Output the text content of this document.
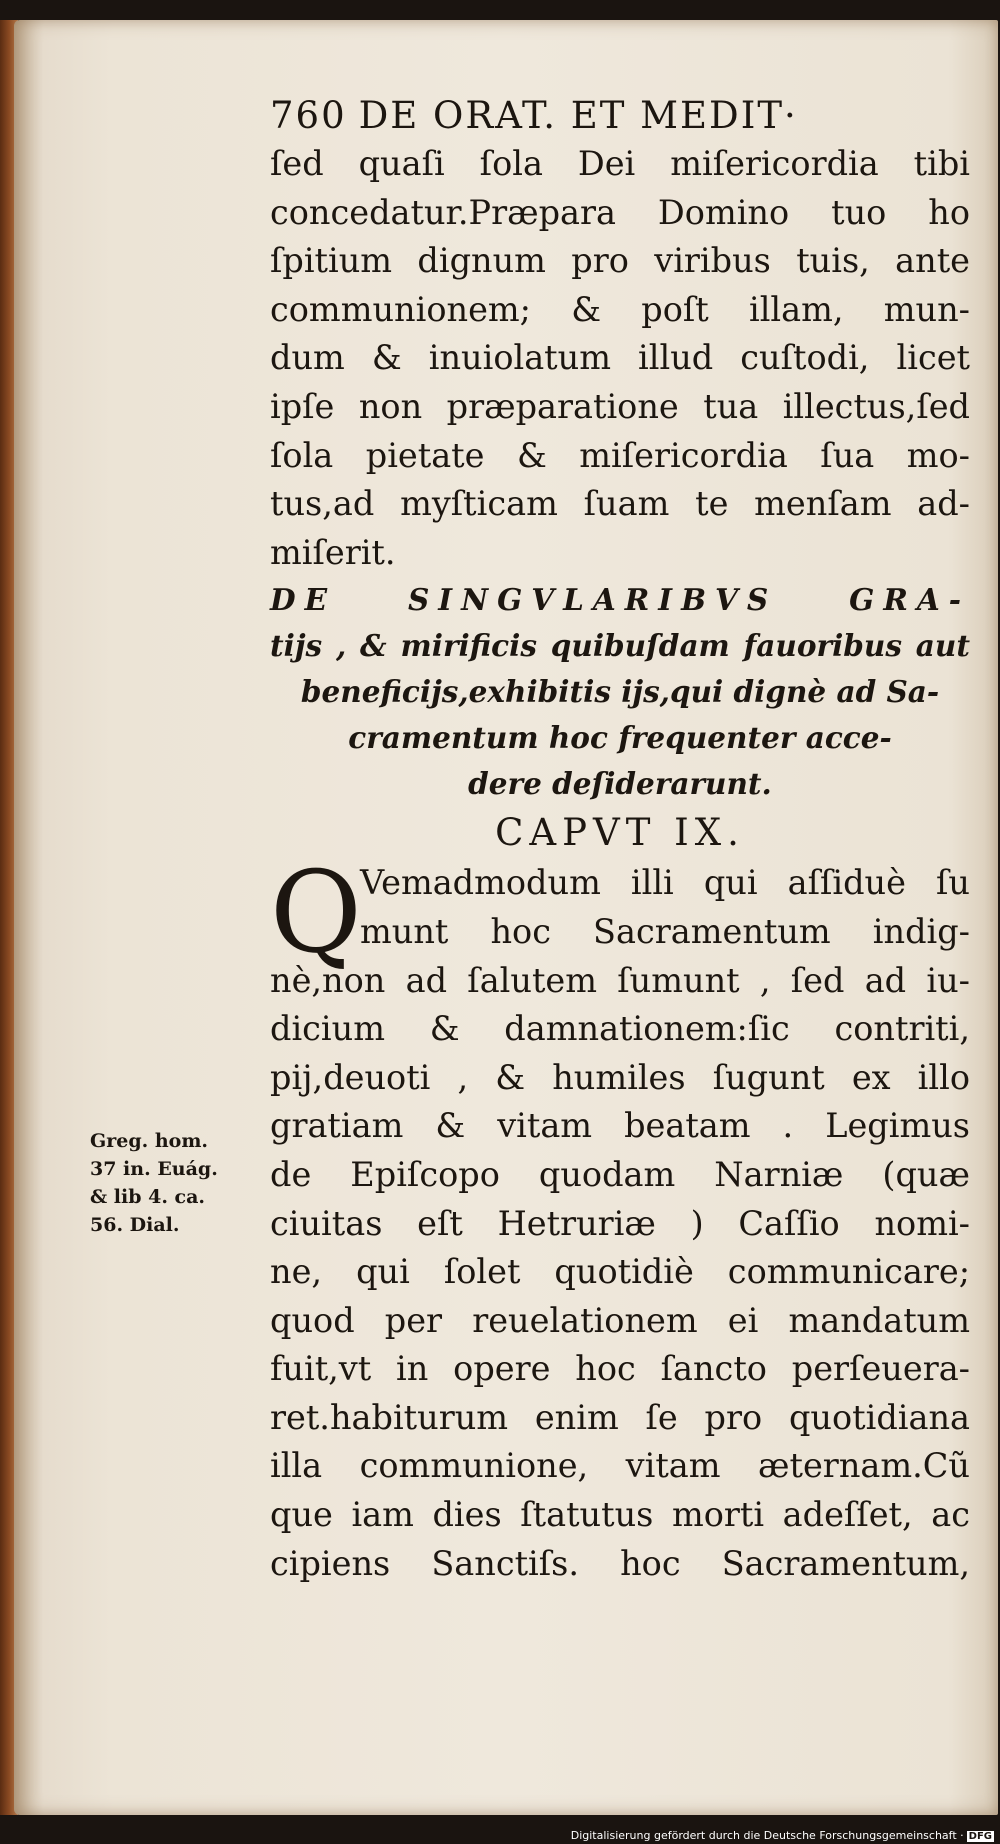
760 DE ORAT. ET MEDIT·
ſed quaſi ſola Dei miſericordia tibi
concedatur.Præpara Domino tuo ho
ſpitium dignum pro viribus tuis, ante
communionem; & poſt illam, mun-
dum & inuiolatum illud cuſtodi, licet
ipſe non præparatione tua illectus,ſed
ſola pietate & miſericordia ſua mo-
tus,ad myſticam ſuam te menſam ad-
miſerit.
DE SINGVLARIBVS GRA-
tijs , & mirificis quibuſdam fauoribus aut
beneficijs,exhibitis ijs,qui dignè ad Sa-
cramentum hoc frequenter acce-
dere deſiderarunt.
CAPVT IX.
Q
Vemadmodum illi qui aſſiduè ſu
munt hoc Sacramentum indig-
nè,non ad ſalutem ſumunt , ſed ad iu-
dicium & damnationem:ſic contriti,
pij,deuoti , & humiles ſugunt ex illo
gratiam & vitam beatam . Legimus
de Epiſcopo quodam Narniæ (quæ
ciuitas eſt Hetruriæ ) Caſſio nomi-
ne, qui ſolet quotidiè communicare;
quod per reuelationem ei mandatum
fuit,vt in opere hoc ſancto perſeuera-
ret.habiturum enim ſe pro quotidiana
illa communione, vitam æternam.Cũ
que iam dies ſtatutus morti adeſſet, ac
cipiens Sanctiſs. hoc Sacramentum,
Greg. hom.
37 in. Euág.
& lib 4. ca.
56. Dial.
Digitalisierung gefördert durch die Deutsche Forschungsgemeinschaft · DFG
